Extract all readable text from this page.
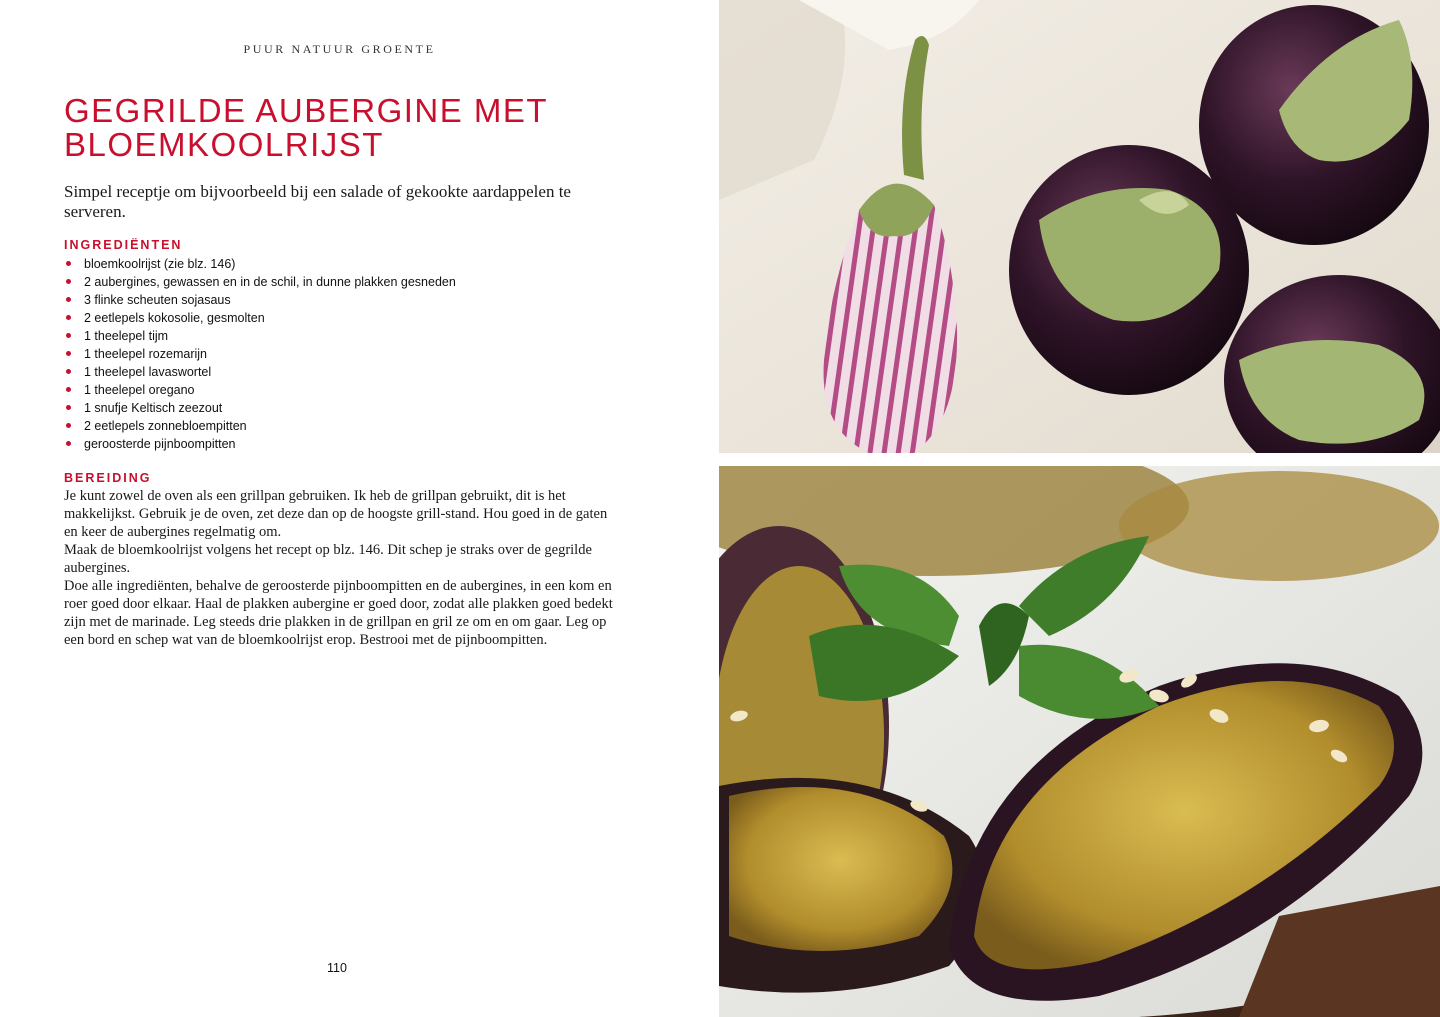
PUUR NATUUR GROENTE
GEGRILDE AUBERGINE MET
BLOEMKOOLRIJST

Simpel receptje om bijvoorbeeld bij een salade of gekookte aardappelen te serveren.

INGREDIËNTEN
bloemkoolrijst (zie blz. 146)
2 aubergines, gewassen en in de schil, in dunne plakken gesneden
3 flinke scheuten sojasaus
2 eetlepels kokosolie, gesmolten
1 theelepel tijm
1 theelepel rozemarijn
1 theelepel lavaswortel
1 theelepel oregano
1 snufje Keltisch zeezout
2 eetlepels zonnebloempitten
geroosterde pijnboompitten
BEREIDING

Je kunt zowel de oven als een grillpan gebruiken. Ik heb de grillpan gebruikt, dit is het makkelijkst. Gebruik je de oven, zet deze dan op de hoogste grill-stand. Hou goed in de gaten en keer de aubergines regelmatig om.

Maak de bloemkoolrijst volgens het recept op blz. 146. Dit schep je straks over de gegrilde aubergines.

Doe alle ingrediënten, behalve de geroosterde pijnboompitten en de aubergines, in een kom en roer goed door elkaar. Haal de plakken aubergine er goed door, zodat alle plakken goed bedekt zijn met de marinade. Leg steeds drie plakken in de grillpan en gril ze om en om gaar. Leg op een bord en schep wat van de bloemkoolrijst erop. Bestrooi met de pijnboompitten.

110
